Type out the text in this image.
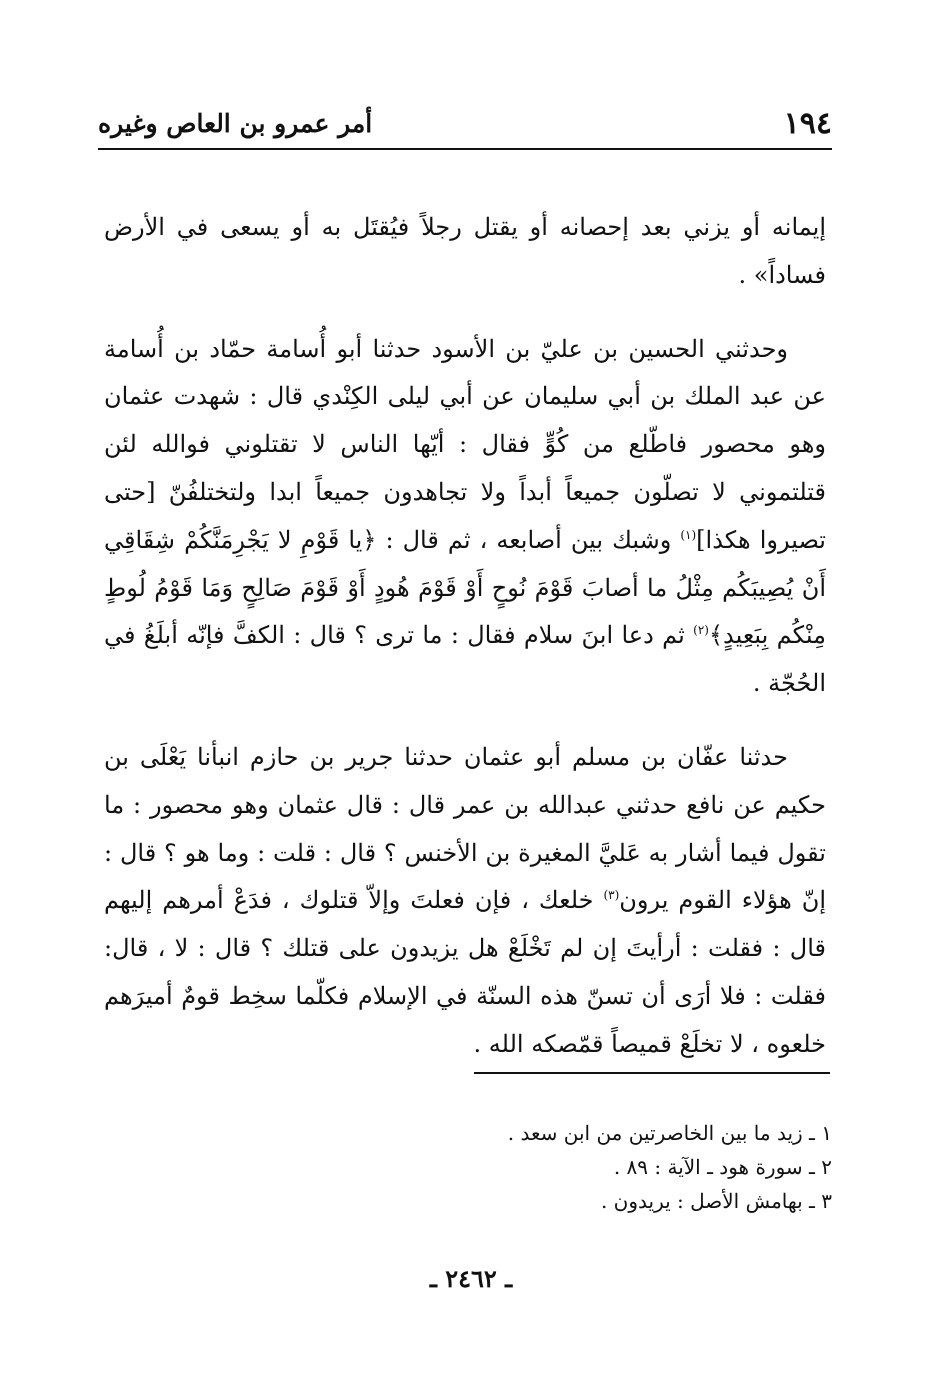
١٩٤
أمر عمرو بن العاص وغيره

إيمانه أو يزني بعد إحصانه أو يقتل رجلاً فيُقتَل به أو يسعى في الأرض فساداً» .

وحدثني الحسين بن عليّ بن الأسود حدثنا أبو أُسامة حمّاد بن أُسامة عن عبد الملك بن أبي سليمان عن أبي ليلى الكِنْدي قال : شهدت عثمان وهو محصور فاطّلع من كُوٍّ فقال : أيّها الناس لا تقتلوني فوالله لئن قتلتموني لا تصلّون جميعاً أبداً ولا تجاهدون جميعاً ابدا ولتختلفُنّ [حتى تصيروا هكذا]$^{(١)}$ وشبك بين أصابعه ، ثم قال : ﴿يا قَوْمِ لا يَجْرِمَنَّكُمْ شِقَاقِي أَنْ يُصِيبَكُم مِثْلُ ما أصابَ قَوْمَ نُوحٍ أَوْ قَوْمَ هُودٍ أَوْ قَوْمَ صَالِحٍ وَمَا قَوْمُ لُوطٍ مِنْكُم بِبَعِيدٍ﴾$^{(٢)}$ ثم دعا ابنَ سلام فقال : ما ترى ؟ قال : الكفَّ فإنّه أبلَغُ في الحُجّة .

حدثنا عفّان بن مسلم أبو عثمان حدثنا جرير بن حازم انبأنا يَعْلَى بن حكيم عن نافع حدثني عبدالله بن عمر قال : قال عثمان وهو محصور : ما تقول فيما أشار به عَليَّ المغيرة بن الأخنس ؟ قال : قلت : وما هو ؟ قال : إنّ هؤلاء القوم يرون$^{(٣)}$ خلعك ، فإن فعلتَ وإلاّ قتلوك ، فدَعْ أمرهم إليهم قال : فقلت : أرأيتَ إن لم تَخْلَعْ هل يزيدون على قتلك ؟ قال : لا ، قال: فقلت : فلا أرَى أن تسنّ هذه السنّة في الإسلام فكلّما سخِط قومٌ أميرَهم خلعوه ، لا تخلَعْ قميصاً قمّصكه الله .

١ ـ زيد ما بين الخاصرتين من ابن سعد .

٢ ـ سورة هود ـ الآية : ٨٩ .

٣ ـ بهامش الأصل : يريدون .

ـ ٢٤٦٢ ـ
